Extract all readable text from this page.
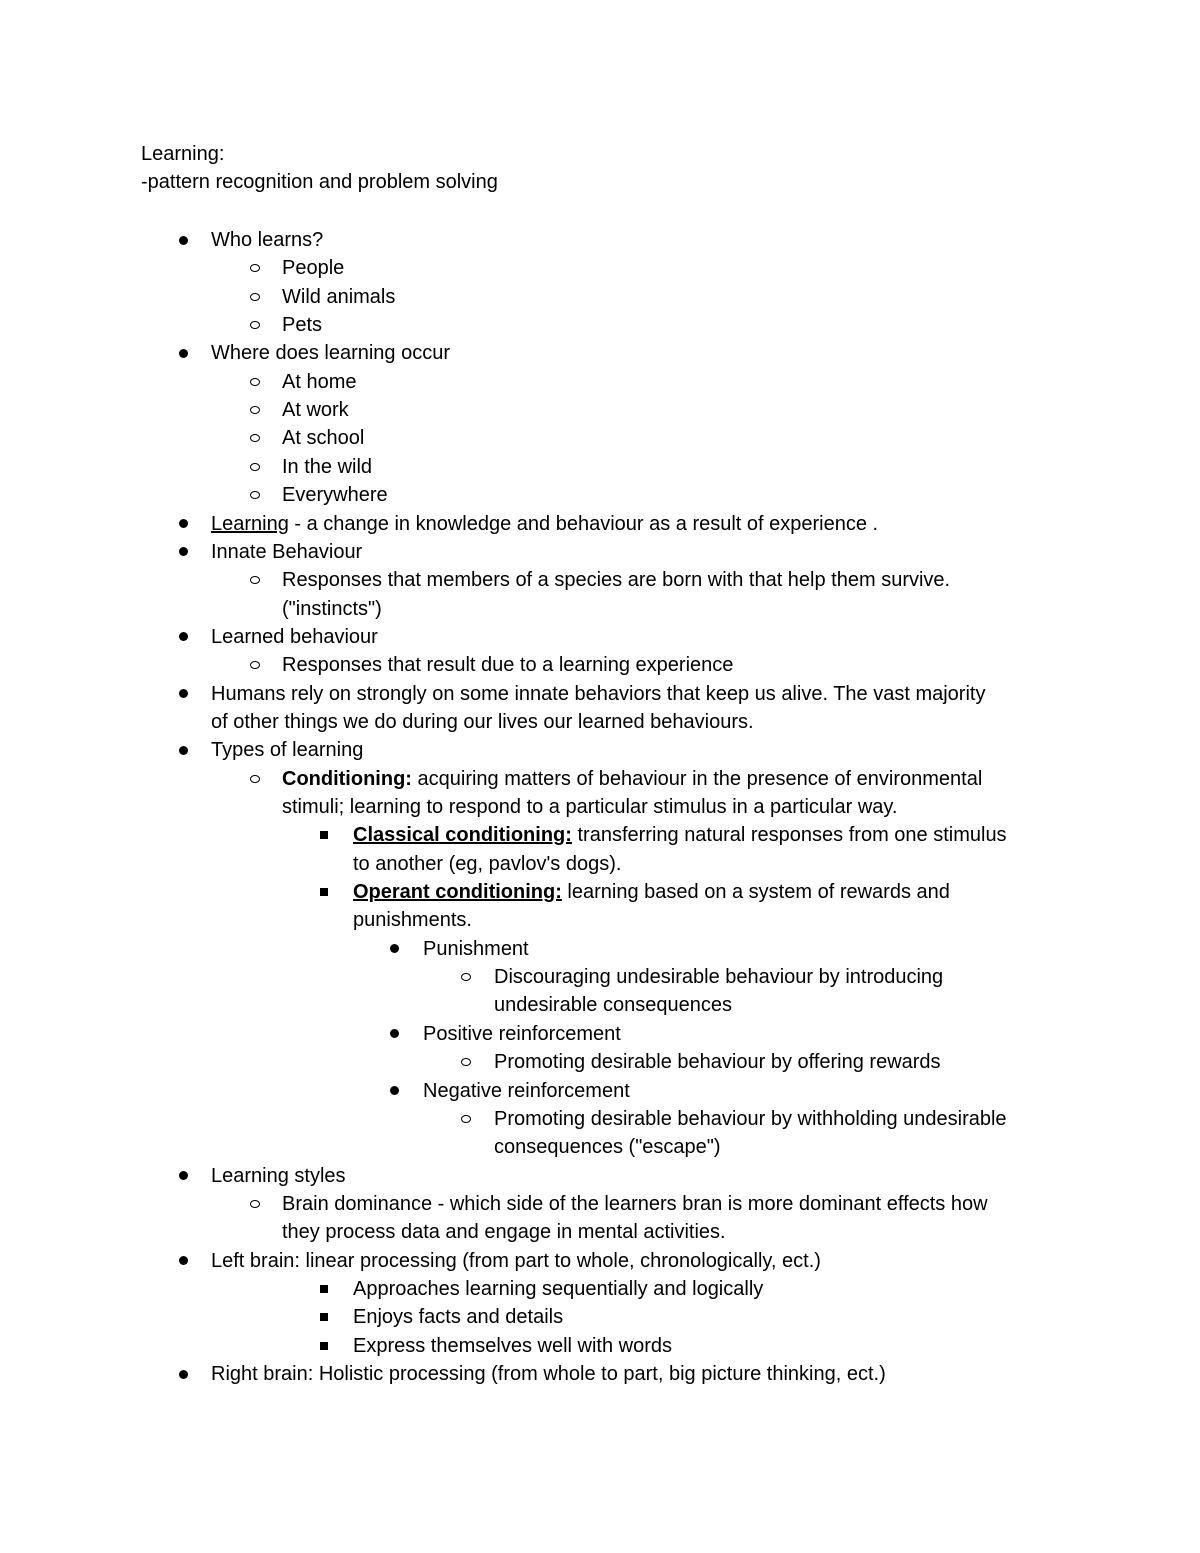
Learning:
-pattern recognition and problem solving
Who learns?
People
Wild animals
Pets
Where does learning occur
At home
At work
At school
In the wild
Everywhere
Learning - a change in knowledge and behaviour as a result of experience .
Innate Behaviour
Responses that members of a species are born with that help them survive.
("instincts")
Learned behaviour
Responses that result due to a learning experience
Humans rely on strongly on some innate behaviors that keep us alive. The vast majority
of other things we do during our lives our learned behaviours.
Types of learning
Conditioning: acquiring matters of behaviour in the presence of environmental
stimuli; learning to respond to a particular stimulus in a particular way.
Classical conditioning: transferring natural responses from one stimulus
to another (eg, pavlov's dogs).
Operant conditioning: learning based on a system of rewards and
punishments.
Punishment
Discouraging undesirable behaviour by introducing
undesirable consequences
Positive reinforcement
Promoting desirable behaviour by offering rewards
Negative reinforcement
Promoting desirable behaviour by withholding undesirable
consequences ("escape")
Learning styles
Brain dominance - which side of the learners bran is more dominant effects how
they process data and engage in mental activities.
Left brain: linear processing (from part to whole, chronologically, ect.)
Approaches learning sequentially and logically
Enjoys facts and details
Express themselves well with words
Right brain: Holistic processing (from whole to part, big picture thinking, ect.)
